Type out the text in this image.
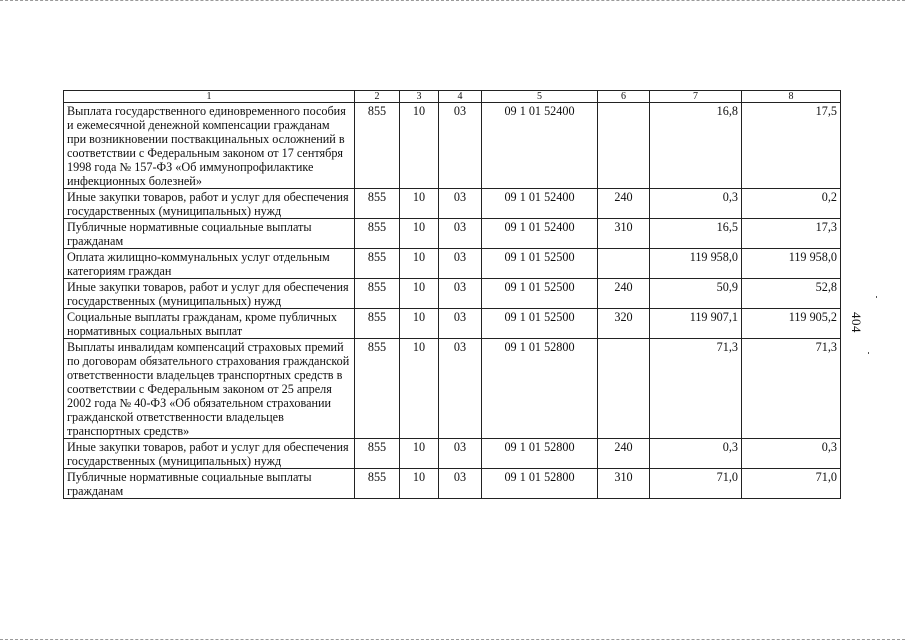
404
1	2	3	4	5	6	7	8
Выплата государственного единовременного пособия и ежемесячной денежной компенсации гражданам при возникновении поствакцинальных осложнений в соответствии с Федеральным законом от 17 сентября 1998 года № 157-ФЗ «Об иммунопрофилактике инфекционных болезней»	855	10	03	09 1 01 52400		16,8	17,5
Иные закупки товаров, работ и услуг для обеспечения государственных (муниципальных) нужд	855	10	03	09 1 01 52400	240	0,3	0,2
Публичные нормативные социальные выплаты гражданам	855	10	03	09 1 01 52400	310	16,5	17,3
Оплата жилищно-коммунальных услуг отдельным категориям граждан	855	10	03	09 1 01 52500		119 958,0	119 958,0
Иные закупки товаров, работ и услуг для обеспечения государственных (муниципальных) нужд	855	10	03	09 1 01 52500	240	50,9	52,8
Социальные выплаты гражданам, кроме публичных нормативных социальных выплат	855	10	03	09 1 01 52500	320	119 907,1	119 905,2
Выплаты инвалидам компенсаций страховых премий по договорам обязательного страхования гражданской ответственности владельцев транспортных средств в соответствии с Федеральным законом от 25 апреля 2002 года № 40-ФЗ «Об обязательном страховании гражданской ответственности владельцев транспортных средств»	855	10	03	09 1 01 52800		71,3	71,3
Иные закупки товаров, работ и услуг для обеспечения государственных (муниципальных) нужд	855	10	03	09 1 01 52800	240	0,3	0,3
Публичные нормативные социальные выплаты гражданам	855	10	03	09 1 01 52800	310	71,0	71,0
